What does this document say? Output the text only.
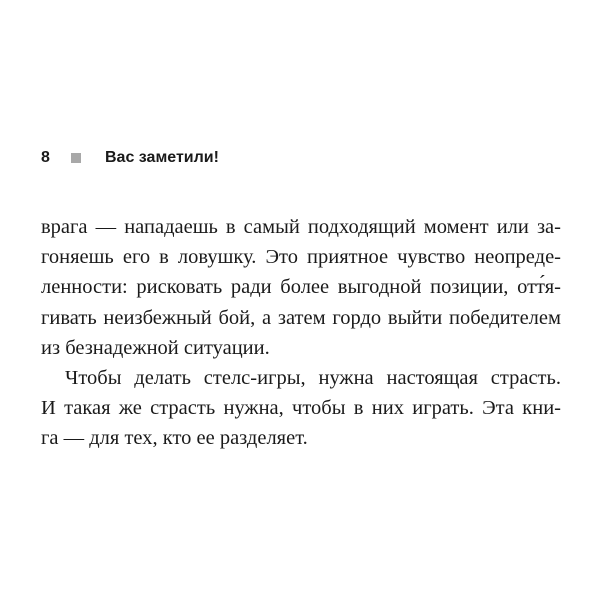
8	Вас заметили!
врага — нападаешь в самый подходящий момент или за-
гоняешь его в ловушку. Это приятное чувство неопреде-
ленности: рисковать ради более выгодной позиции, отт́я-
гивать неизбежный бой, а затем гордо выйти победителем
из безнадежной ситуации.
Чтобы делать стелс-игры, нужна настоящая страсть.
И такая же страсть нужна, чтобы в них играть. Эта кни-
га — для тех, кто ее разделяет.
